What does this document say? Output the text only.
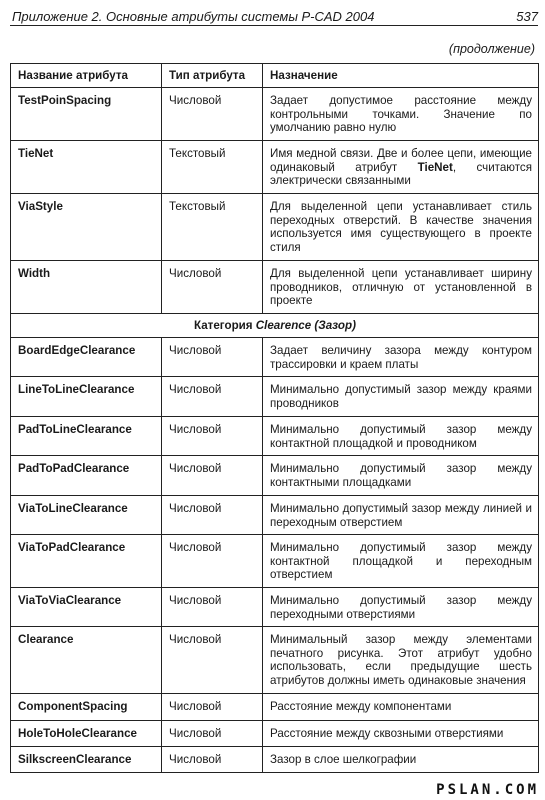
Приложение 2. Основные атрибуты системы P-CAD 2004	537
(продолжение)
Название атрибута	Тип атрибута	Назначение
TestPoinSpacing	Числовой	Задает допустимое расстояние между контрольными точками. Значение по умолчанию равно нулю
TieNet	Текстовый	Имя медной связи. Две и более цепи, имеющие одинаковый атрибут TieNet, считаются электрически связанными
ViaStyle	Текстовый	Для выделенной цепи устанавливает стиль переходных отверстий. В качестве значения используется имя существующего в проекте стиля
Width	Числовой	Для выделенной цепи устанавливает ширину проводников, отличную от установленной в проекте
Категория Clearence (Зазор)		
BoardEdgeClearance	Числовой	Задает величину зазора между контуром трассировки и краем платы
LineToLineClearance	Числовой	Минимально допустимый зазор между краями проводников
PadToLineClearance	Числовой	Минимально допустимый зазор между контактной площадкой и проводником
PadToPadClearance	Числовой	Минимально допустимый зазор между контактными площадками
ViaToLineClearance	Числовой	Минимально допустимый зазор между линией и переходным отверстием
ViaToPadClearance	Числовой	Минимально допустимый зазор между контактной площадкой и переходным отверстием
ViaToViaClearance	Числовой	Минимально допустимый зазор между переходными отверстиями
Clearance	Числовой	Минимальный зазор между элементами печатного рисунка. Этот атрибут удобно использовать, если предыдущие шесть атрибутов должны иметь одинаковые значения
ComponentSpacing	Числовой	Расстояние между компонентами
HoleToHoleClearance	Числовой	Расстояние между сквозными отверстиями
SilkscreenClearance	Числовой	Зазор в слое шелкографии
PSLAN.COM
